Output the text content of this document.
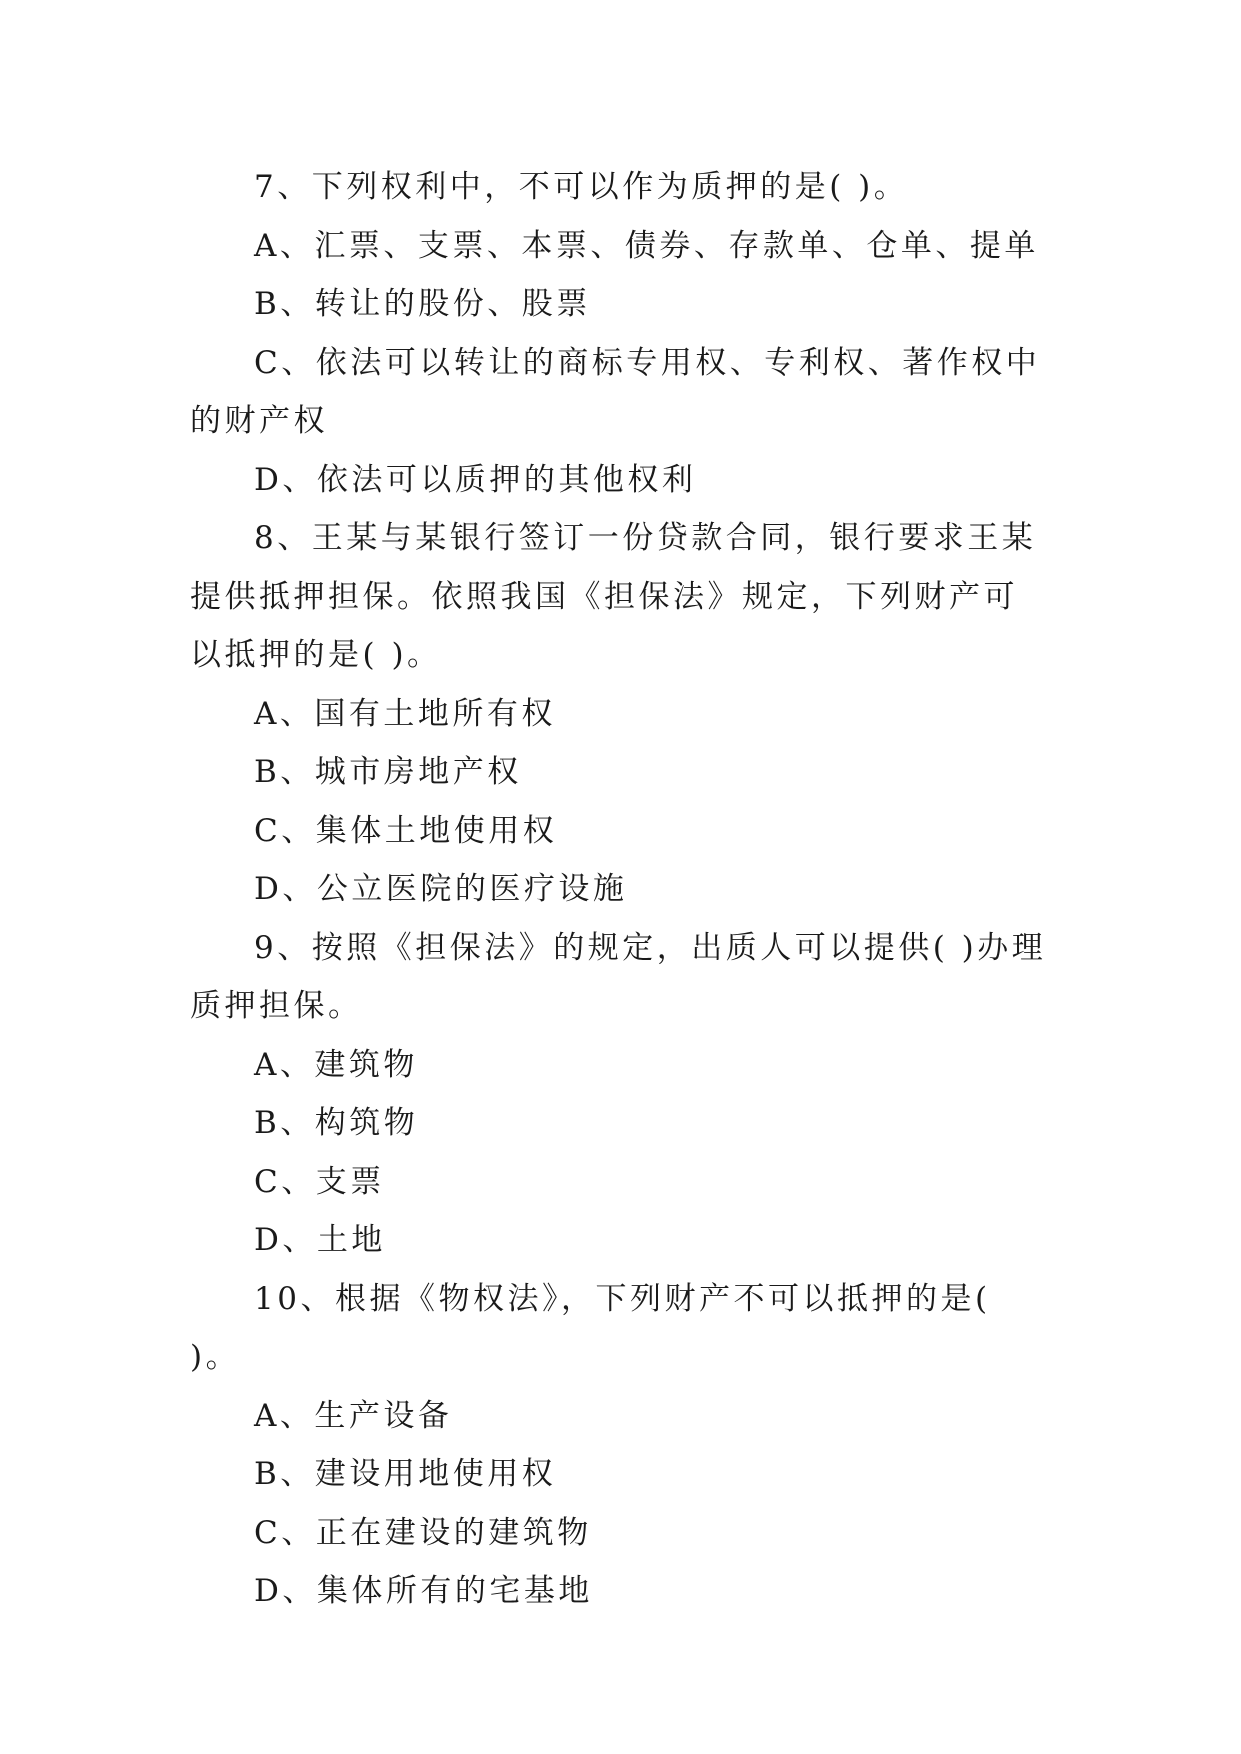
7、下列权利中，不可以作为质押的是( )。

A、汇票、支票、本票、债券、存款单、仓单、提单

B、转让的股份、股票

C、依法可以转让的商标专用权、专利权、著作权中的财产权

D、依法可以质押的其他权利

8、王某与某银行签订一份贷款合同，银行要求王某提供抵押担保。依照我国《担保法》规定，下列财产可以抵押的是( )。

A、国有土地所有权

B、城市房地产权

C、集体土地使用权

D、公立医院的医疗设施

9、按照《担保法》的规定，出质人可以提供( )办理质押担保。

A、建筑物

B、构筑物

C、支票

D、土地

10、根据《物权法》，下列财产不可以抵押的是( )。

A、生产设备

B、建设用地使用权

C、正在建设的建筑物

D、集体所有的宅基地
